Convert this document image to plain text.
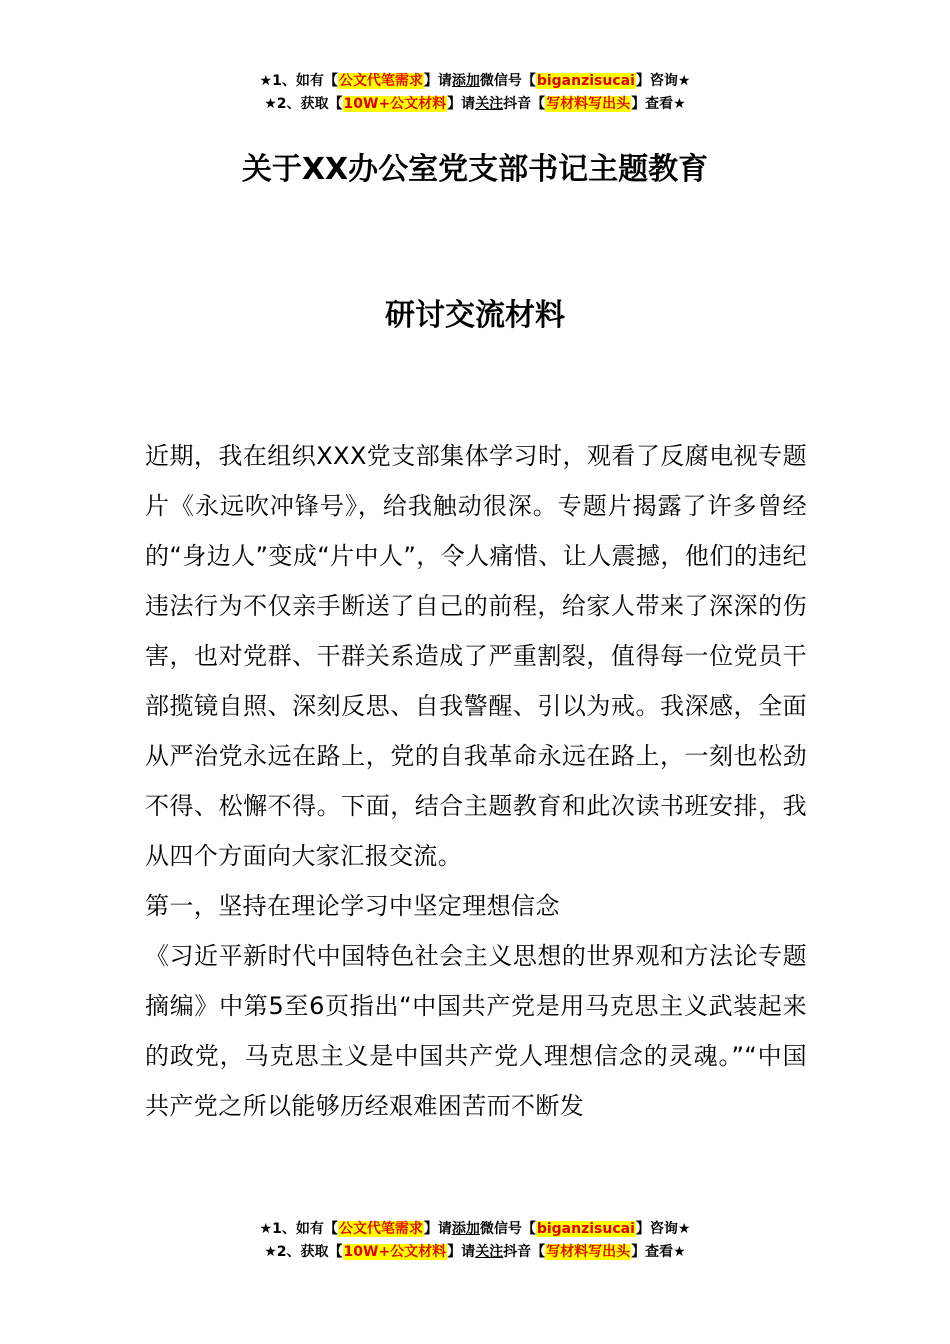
★1、如有【公文代笔需求】请添加微信号【biganzisucai】咨询★
★2、获取【10W+公文材料】请关注抖音【写材料写出头】查看★
关于XX办公室党支部书记主题教育
研讨交流材料

近期，我在组织XXX党支部集体学习时，观看了反腐电视专题片《永远吹冲锋号》，给我触动很深。专题片揭露了许多曾经的“身边人”变成“片中人”，令人痛惜、让人震撼，他们的违纪违法行为不仅亲手断送了自己的前程，给家人带来了深深的伤害，也对党群、干群关系造成了严重割裂，值得每一位党员干部揽镜自照、深刻反思、自我警醒、引以为戒。我深感，全面从严治党永远在路上，党的自我革命永远在路上，一刻也松劲不得、松懈不得。下面，结合主题教育和此次读书班安排，我从四个方面向大家汇报交流。

第一，坚持在理论学习中坚定理想信念

《习近平新时代中国特色社会主义思想的世界观和方法论专题摘编》中第5至6页指出“中国共产党是用马克思主义武装起来的政党，马克思主义是中国共产党人理想信念的灵魂。”“中国共产党之所以能够历经艰难困苦而不断发

★1、如有【公文代笔需求】请添加微信号【biganzisucai】咨询★
★2、获取【10W+公文材料】请关注抖音【写材料写出头】查看★
